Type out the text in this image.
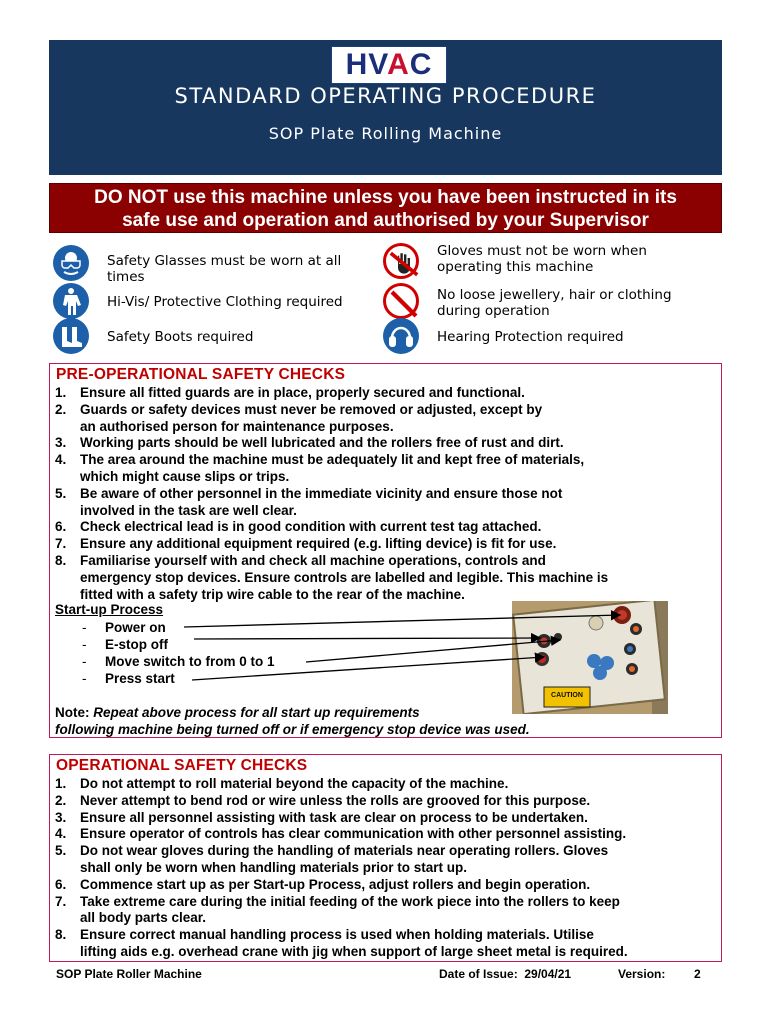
HVAC
STANDARD OPERATING PROCEDURE
SOP Plate Rolling Machine
DO NOT use this machine unless you have been instructed in its
safe use and operation and authorised by your Supervisor
Safety Glasses must be worn at all times
Hi-Vis/ Protective Clothing required
Safety Boots required
Gloves must not be worn when operating this machine
No loose jewellery, hair or clothing during operation
Hearing Protection required
PRE-OPERATIONAL SAFETY CHECKS
1. Ensure all fitted guards are in place, properly secured and functional.
2. Guards or safety devices must never be removed or adjusted, except by
an authorised person for maintenance purposes.
3. Working parts should be well lubricated and the rollers free of rust and dirt.
4. The area around the machine must be adequately lit and kept free of materials,
which might cause slips or trips.
5. Be aware of other personnel in the immediate vicinity and ensure those not
involved in the task are well clear.
6. Check electrical lead is in good condition with current test tag attached.
7. Ensure any additional equipment required (e.g. lifting device) is fit for use.
8. Familiarise yourself with and check all machine operations, controls and
emergency stop devices. Ensure controls are labelled and legible. This machine is
fitted with a safety trip wire cable to the rear of the machine.
Start-up Process
- Power on
- E-stop off
- Move switch to from 0 to 1
- Press start
Note: Repeat above process for all start up requirements
following machine being turned off or if emergency stop device was used.
CAUTION
OPERATIONAL SAFETY CHECKS
1. Do not attempt to roll material beyond the capacity of the machine.
2. Never attempt to bend rod or wire unless the rolls are grooved for this purpose.
3. Ensure all personnel assisting with task are clear on process to be undertaken.
4. Ensure operator of controls has clear communication with other personnel assisting.
5. Do not wear gloves during the handling of materials near operating rollers. Gloves
shall only be worn when handling materials prior to start up.
6. Commence start up as per Start-up Process, adjust rollers and begin operation.
7. Take extreme care during the initial feeding of the work piece into the rollers to keep
all body parts clear.
8. Ensure correct manual handling process is used when holding materials. Utilise
lifting aids e.g. overhead crane with jig when support of large sheet metal is required.
SOP Plate Roller Machine	Date of Issue: 29/04/21	Version: 2
